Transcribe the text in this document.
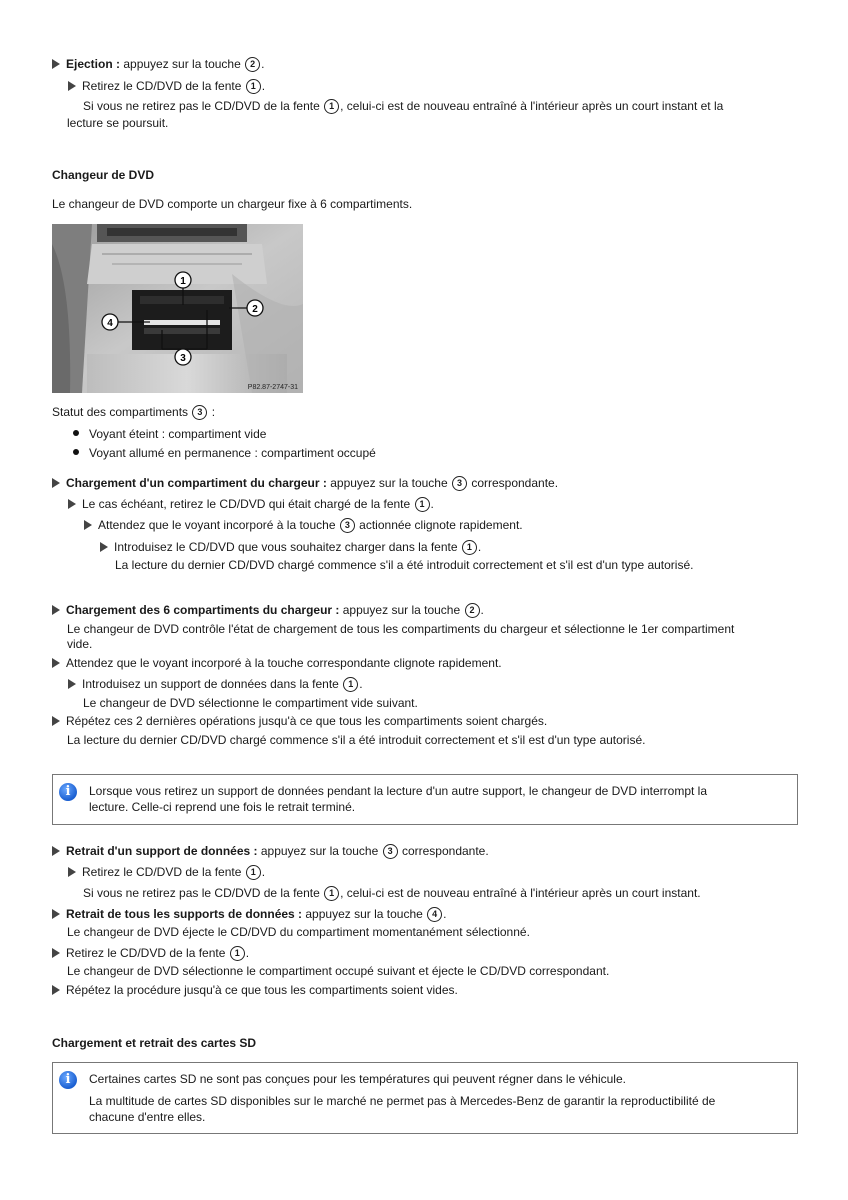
Ejection : appuyez sur la touche 2 .
Retirez le CD/DVD de la fente 1 .
Si vous ne retirez pas le CD/DVD de la fente 1 , celui-ci est de nouveau entraîné à l'intérieur après un court instant et la
lecture se poursuit.
Changeur de DVD
Le changeur de DVD comporte un chargeur fixe à 6 compartiments.
1
2
3
4
P82.87-2747-31
Statut des compartiments 3 :
Voyant éteint : compartiment vide
Voyant allumé en permanence : compartiment occupé
Chargement d'un compartiment du chargeur : appuyez sur la touche 3 correspondante.
Le cas échéant, retirez le CD/DVD qui était chargé de la fente 1 .
Attendez que le voyant incorporé à la touche 3 actionnée clignote rapidement.
Introduisez le CD/DVD que vous souhaitez charger dans la fente 1 .
La lecture du dernier CD/DVD chargé commence s'il a été introduit correctement et s'il est d'un type autorisé.
Chargement des 6 compartiments du chargeur : appuyez sur la touche 2 .
Le changeur de DVD contrôle l'état de chargement de tous les compartiments du chargeur et sélectionne le 1er compartiment
vide.
Attendez que le voyant incorporé à la touche correspondante clignote rapidement.
Introduisez un support de données dans la fente 1 .
Le changeur de DVD sélectionne le compartiment vide suivant.
Répétez ces 2 dernières opérations jusqu'à ce que tous les compartiments soient chargés.
La lecture du dernier CD/DVD chargé commence s'il a été introduit correctement et s'il est d'un type autorisé.
i	Lorsque vous retirez un support de données pendant la lecture d'un autre support, le changeur de DVD interrompt la
lecture. Celle-ci reprend une fois le retrait terminé.
Retrait d'un support de données : appuyez sur la touche 3 correspondante.
Retirez le CD/DVD de la fente 1 .
Si vous ne retirez pas le CD/DVD de la fente 1 , celui-ci est de nouveau entraîné à l'intérieur après un court instant.
Retrait de tous les supports de données : appuyez sur la touche 4 .
Le changeur de DVD éjecte le CD/DVD du compartiment momentanément sélectionné.
Retirez le CD/DVD de la fente 1 .
Le changeur de DVD sélectionne le compartiment occupé suivant et éjecte le CD/DVD correspondant.
Répétez la procédure jusqu'à ce que tous les compartiments soient vides.
Chargement et retrait des cartes SD
i	Certaines cartes SD ne sont pas conçues pour les températures qui peuvent régner dans le véhicule.
La multitude de cartes SD disponibles sur le marché ne permet pas à Mercedes-Benz de garantir la reproductibilité de
chacune d'entre elles.
